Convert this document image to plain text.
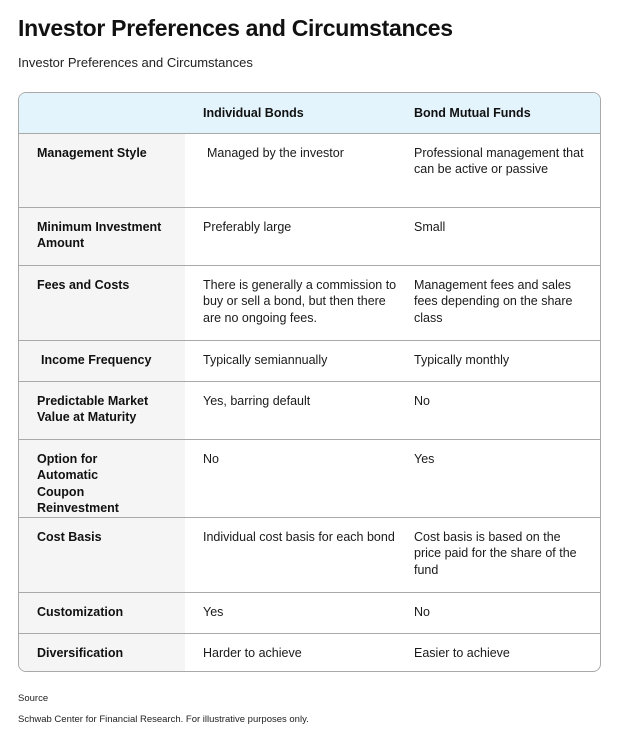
Investor Preferences and Circumstances
Investor Preferences and Circumstances
	Individual Bonds	Bond Mutual Funds
Management Style	Managed by the investor	Professional management that can be active or passive
Minimum Investment Amount	Preferably large	Small
Fees and Costs	There is generally a commission to buy or sell a bond, but then there are no ongoing fees.	Management fees and sales fees depending on the share class
Income Frequency	Typically semiannually	Typically monthly
Predictable Market Value at Maturity	Yes, barring default	No
Option for Automatic Coupon Reinvestment	No	Yes
Cost Basis	Individual cost basis for each bond	Cost basis is based on the price paid for the share of the fund
Customization	Yes	No
Diversification	Harder to achieve	Easier to achieve
Source
Schwab Center for Financial Research. For illustrative purposes only.
